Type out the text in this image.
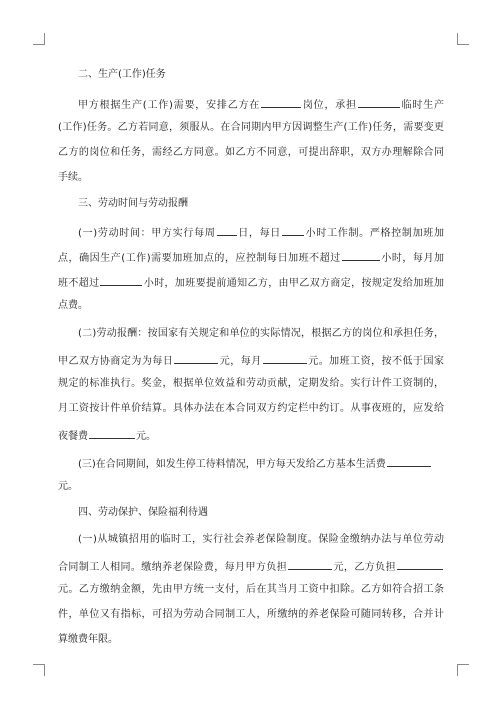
二、生产(工作)任务
甲方根据生产(工作)需要，安排乙方在	岗位，承担	临时生产
(工作)任务。乙方若同意，须服从。在合同期内甲方因调整生产(工作)任务，需要变更
乙方的岗位和任务，需经乙方同意。如乙方不同意，可提出辞职，双方办理解除合同
手续。
三、劳动时间与劳动报酬
(一)劳动时间：甲方实行每周 日，每日 小时工作制。严格控制加班加
点，确因生产(工作)需要加班加点的，应控制每日加班不超过	小时，每月加
班不超过	小时，加班要提前通知乙方，由甲乙双方商定，按规定发给加班加
点费。
(二)劳动报酬：按国家有关规定和单位的实际情况，根据乙方的岗位和承担任务，
甲乙双方协商定为为每日	元，每月	元。加班工资，按不低于国家
规定的标准执行。奖金，根据单位效益和劳动贡献，定期发给。实行计件工资制的，
月工资按计件单价结算。具体办法在本合同双方约定栏中约订。从事夜班的，应发给
夜餐费	元。
(三)在合同期间，如发生停工待料情况，甲方每天发给乙方基本生活费
元。
四、劳动保护、保险福利待遇
(一)从城镇招用的临时工，实行社会养老保险制度。保险金缴纳办法与单位劳动
合同制工人相同。缴纳养老保险费，每月甲方负担	元，乙方负担
元。乙方缴纳金额，先由甲方统一支付，后在其当月工资中扣除。乙方如符合招工条
件，单位又有指标，可招为劳动合同制工人，所缴纳的养老保险可随同转移，合并计
算缴费年限。
